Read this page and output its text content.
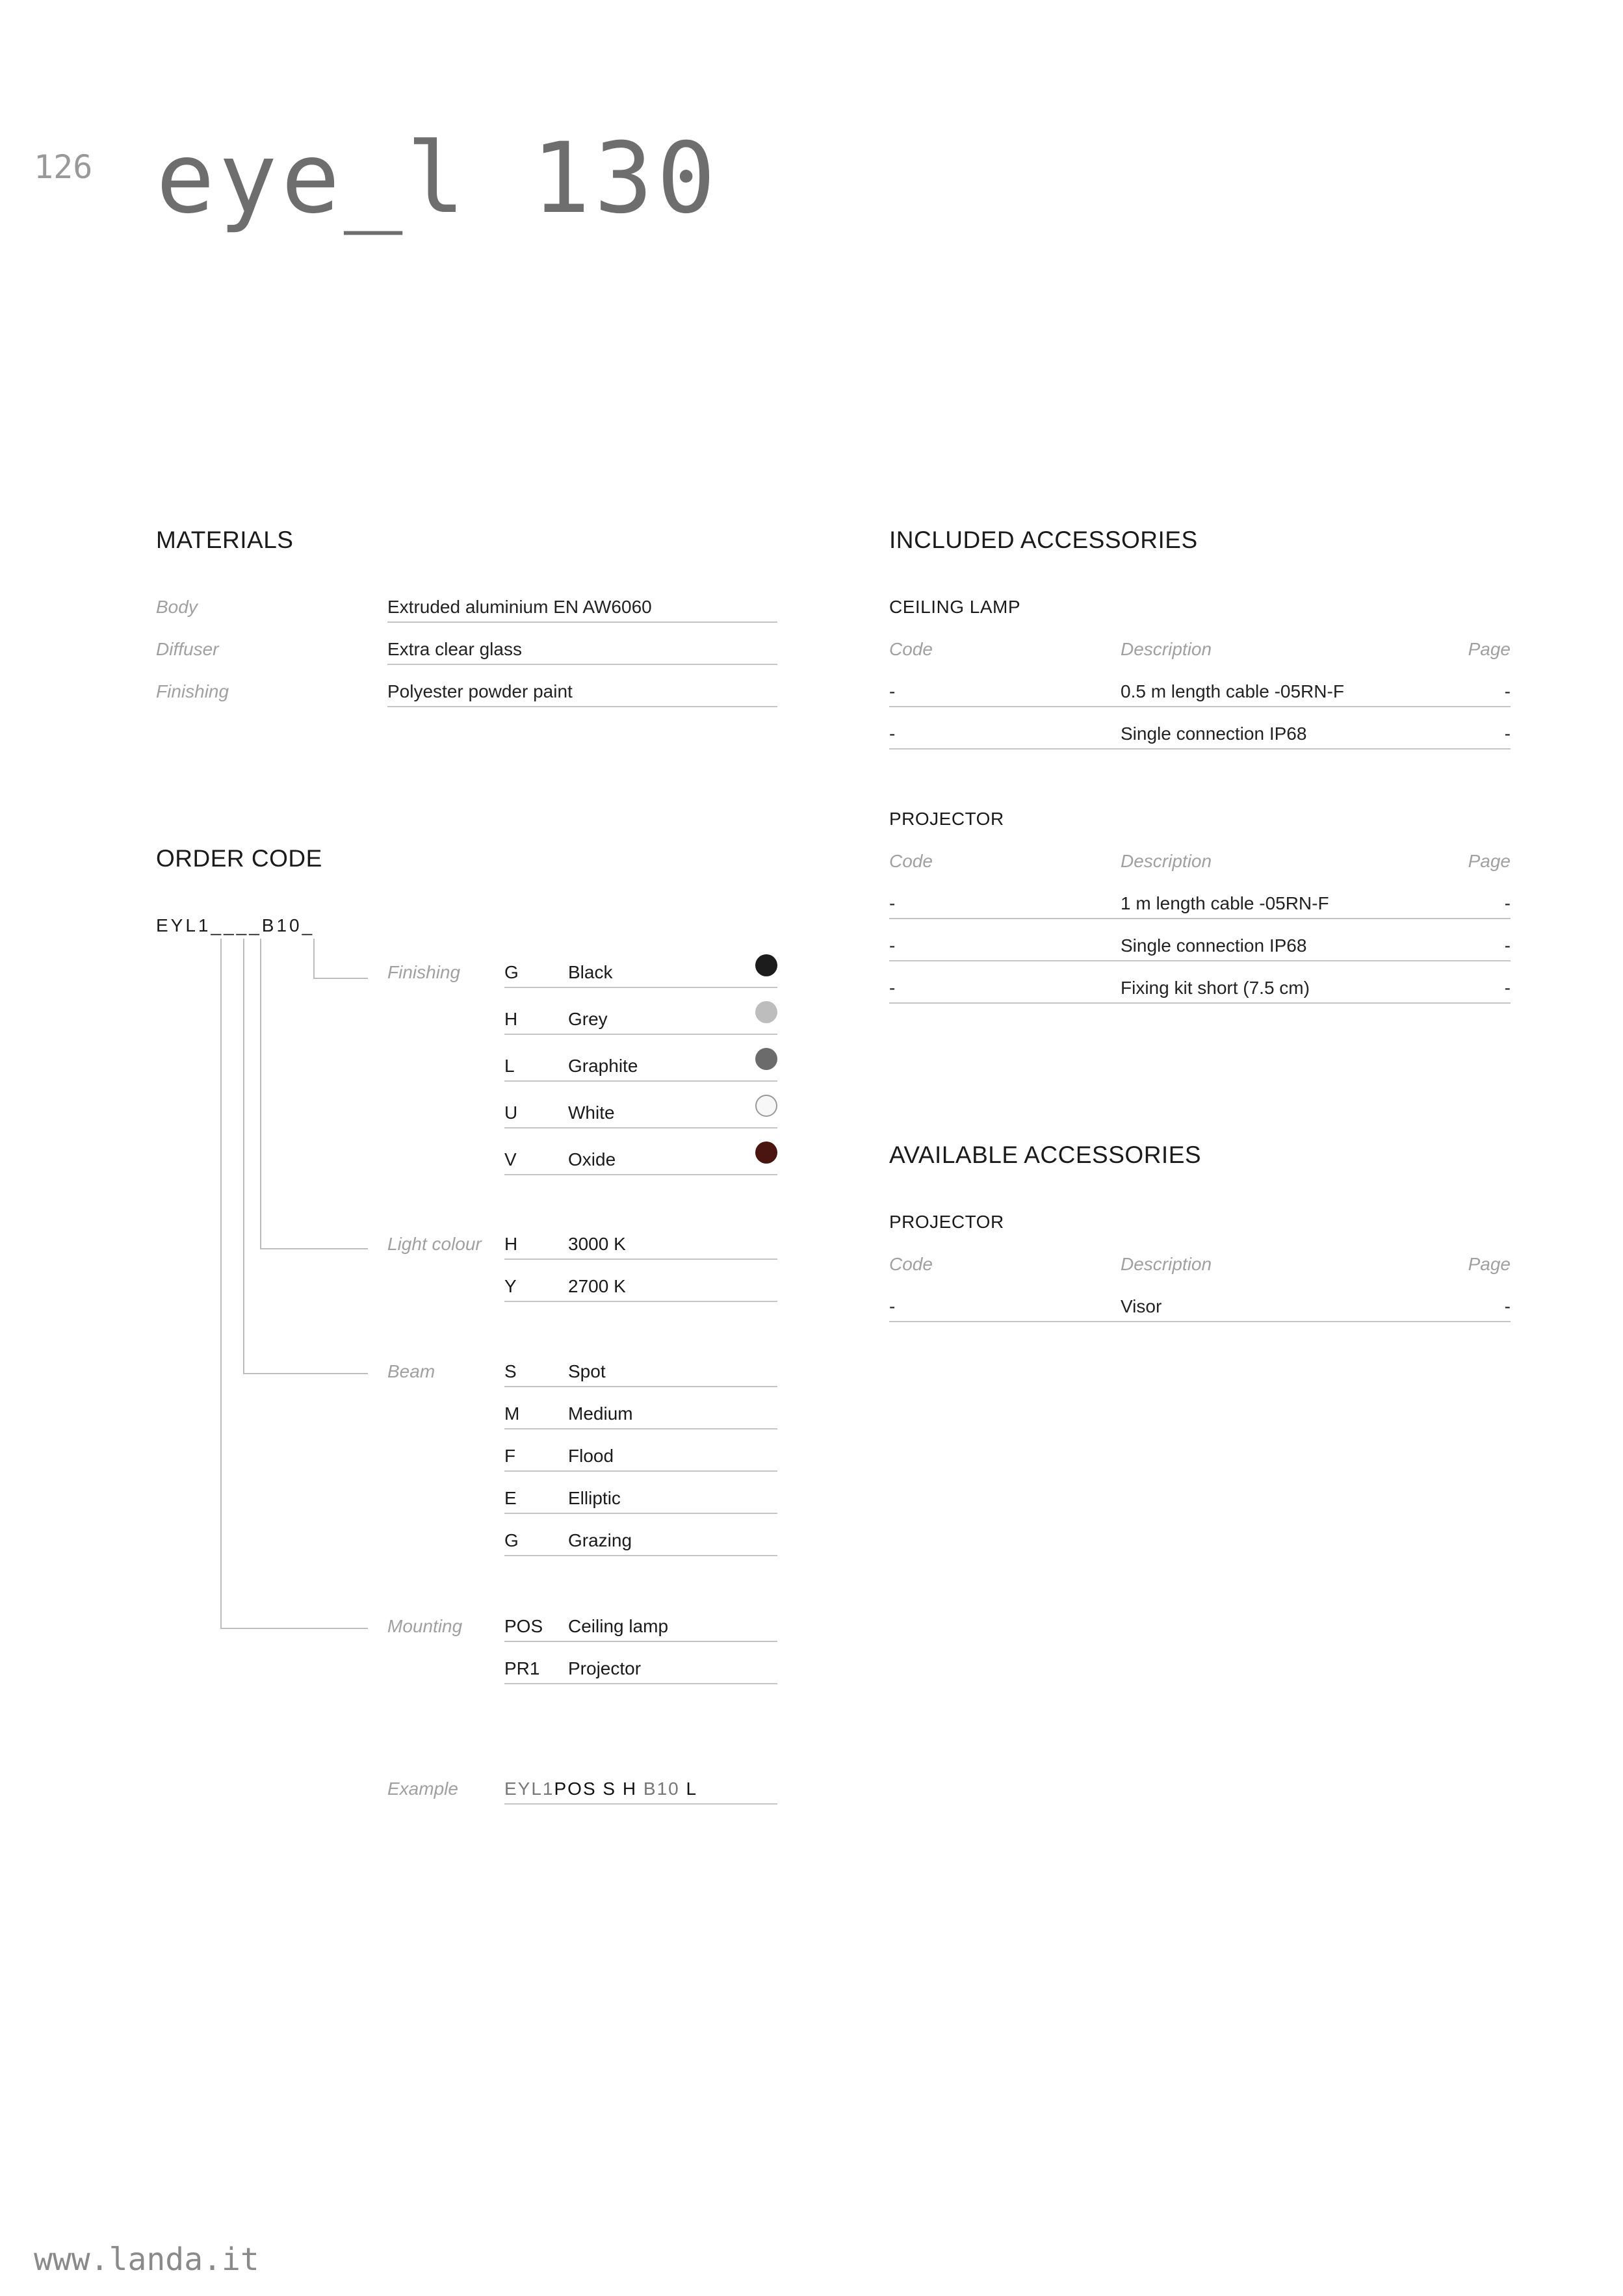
126 eye_l 130
MATERIALS
Body	Extruded aluminium EN AW6060
Diffuser	Extra clear glass
Finishing	Polyester powder paint
ORDER CODE
EYL1____B10_
Finishing G	Black
H	Grey
L	Graphite
U	White
V	Oxide
Light colour H	3000 K
Y	2700 K
Beam	S	Spot
M	Medium
F	Flood
E	Elliptic
G	Grazing
Mounting POS Ceiling lamp
PR1 Projector
Example	EYL1POS S H B10 L
INCLUDED ACCESSORIES
CEILING LAMP
Code	Description	Page
-	0.5 m length cable -05RN-F	-
-	Single connection IP68	-
PROJECTOR
Code	Description	Page
-	1 m length cable -05RN-F	-
-	Single connection IP68	-
-	Fixing kit short (7.5 cm)	-
AVAILABLE ACCESSORIES
PROJECTOR
Code	Description	Page
-	Visor	-
www.landa.it
